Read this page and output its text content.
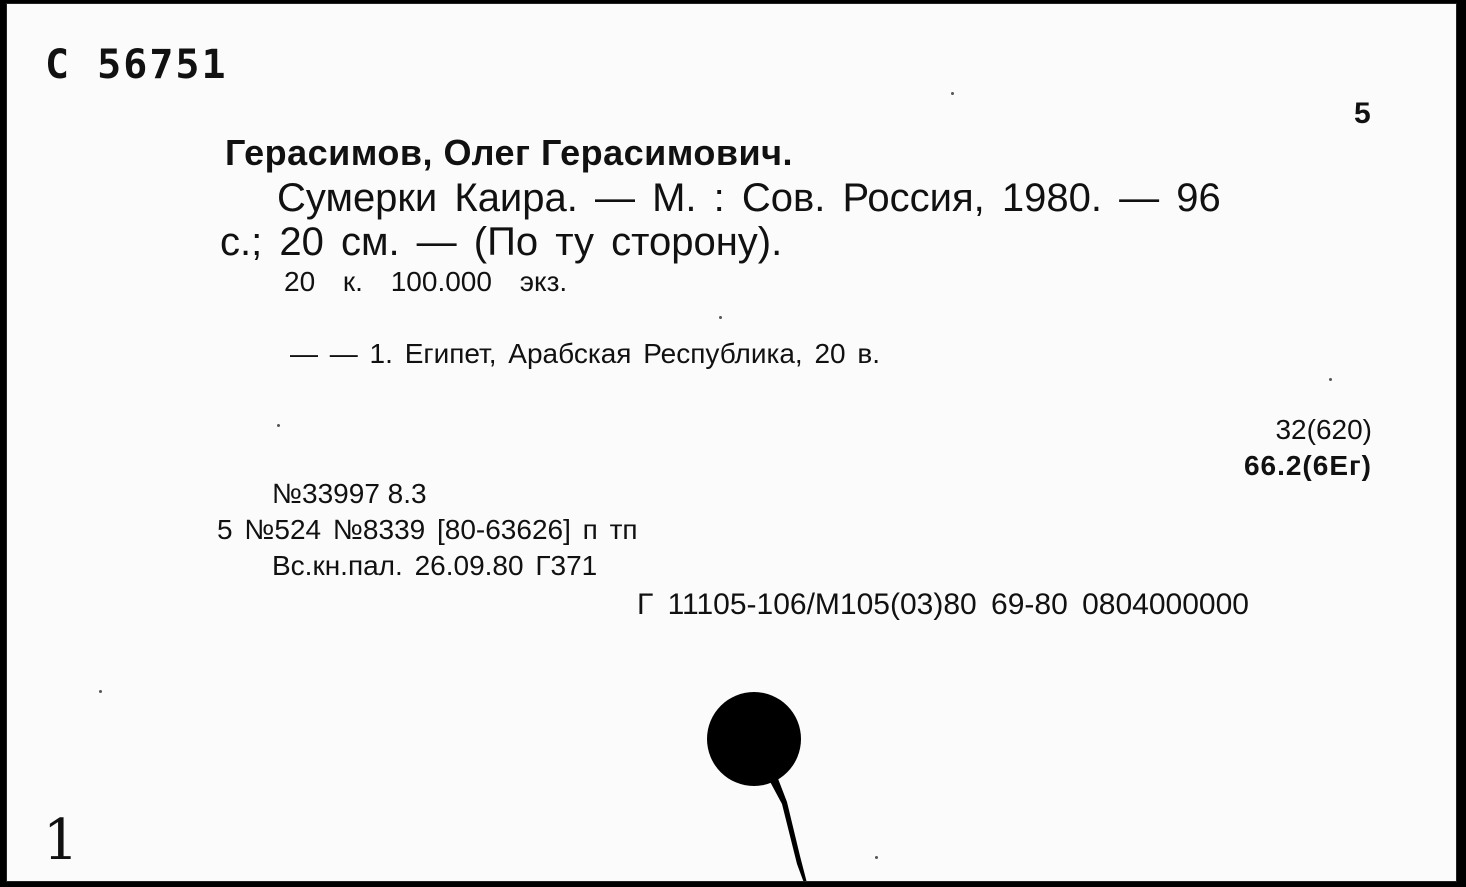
С 56751
5
Герасимов, Олег Герасимович.
Сумерки Каира. — М. : Сов. Россия, 1980. — 96
с.; 20 см. — (По ту сторону).
20 к. 100.000 экз.
— — 1. Египет, Арабская Республика, 20 в.
32(620)
66.2(6Ег)
№33997 8.3
5 №524 №8339 [80-63626] п тп
Вс.кн.пал. 26.09.80 Г371
Г 11105-106/М105(03)80 69-80 0804000000
1
